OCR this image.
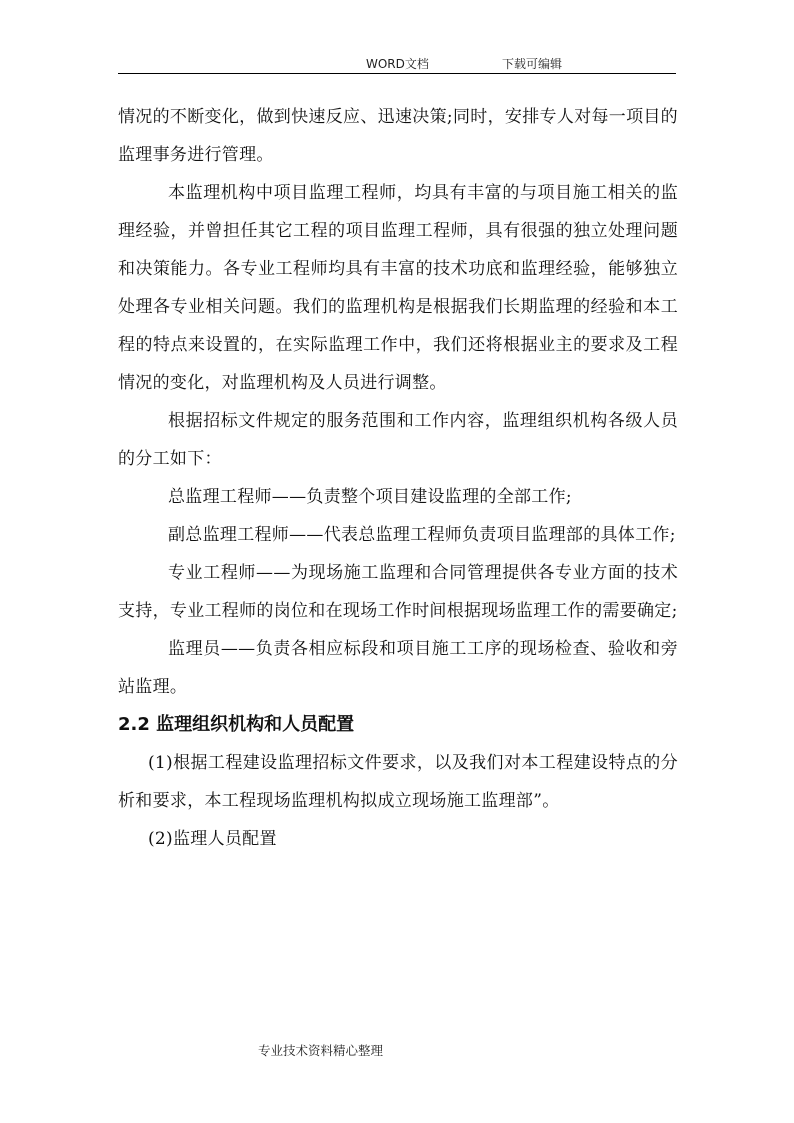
WORD文档	下载可编辑

情况的不断变化，做到快速反应、迅速决策;同时，安排专人对每一项目的监理事务进行管理。

本监理机构中项目监理工程师，均具有丰富的与项目施工相关的监理经验，并曾担任其它工程的项目监理工程师，具有很强的独立处理问题和决策能力。各专业工程师均具有丰富的技术功底和监理经验，能够独立处理各专业相关问题。我们的监理机构是根据我们长期监理的经验和本工程的特点来设置的，在实际监理工作中，我们还将根据业主的要求及工程情况的变化，对监理机构及人员进行调整。

根据招标文件规定的服务范围和工作内容，监理组织机构各级人员的分工如下：

总监理工程师——负责整个项目建设监理的全部工作;

副总监理工程师——代表总监理工程师负责项目监理部的具体工作;

专业工程师——为现场施工监理和合同管理提供各专业方面的技术支持，专业工程师的岗位和在现场工作时间根据现场监理工作的需要确定;

监理员——负责各相应标段和项目施工工序的现场检查、验收和旁站监理。

2.2 监理组织机构和人员配置

(1)根据工程建设监理招标文件要求，以及我们对本工程建设特点的分析和要求，本工程现场监理机构拟成立现场施工监理部”。

(2)监理人员配置

专业技术资料精心整理
